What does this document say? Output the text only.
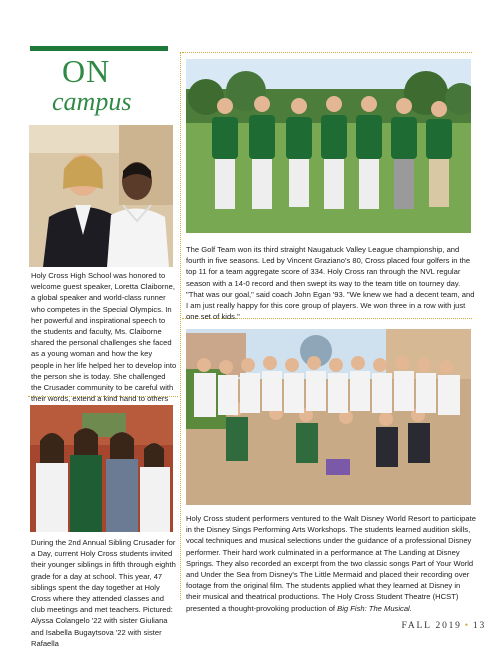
ON
campus

Holy Cross High School was honored to welcome guest speaker, Loretta Claiborne, a global speaker and world-class runner who competes in the Special Olympics. In her powerful and inspirational speech to the students and faculty, Ms. Claiborne shared the personal challenges she faced as a young woman and how the key people in her life helped her to develop into the person she is today. She challenged the Crusader community to be careful with their words, extend a kind hand to others

The Golf Team won its third straight Naugatuck Valley League championship, and fourth in five seasons. Led by Vincent Graziano's 80, Cross placed four golfers in the top 11 for a team aggregate score of 334. Holy Cross ran through the NVL regular season with a 14-0 record and then swept its way to the team title on tourney day. "That was our goal," said coach John Egan '93. "We knew we had a decent team, and I am just really happy for this core group of players. We won three in a row with just one set of kids."

During the 2nd Annual Sibling Crusader for a Day, current Holy Cross students invited their younger siblings in fifth through eighth grade for a day at school. This year, 47 siblings spent the day together at Holy Cross where they attended classes and club meetings and met teachers. Pictured: Alyssa Colangelo '22 with sister Giuliana and Isabella Bugaytsova '22 with sister Rafaella

Holy Cross student performers ventured to the Walt Disney World Resort to participate in the Disney Sings Performing Arts Workshops. The students learned audition skills, vocal techniques and musical selections under the guidance of a professional Disney performer. Their hard work culminated in a performance at The Landing at Disney Springs. They also recorded an excerpt from the two classic songs Part of Your World and Under the Sea from Disney's The Little Mermaid and placed their recording over footage from the original film. The students applied what they learned at Disney in their musical and theatrical productions. The Holy Cross Student Theatre (HCST) presented a thought-provoking production of Big Fish: The Musical.

FALL 2019 • 13
